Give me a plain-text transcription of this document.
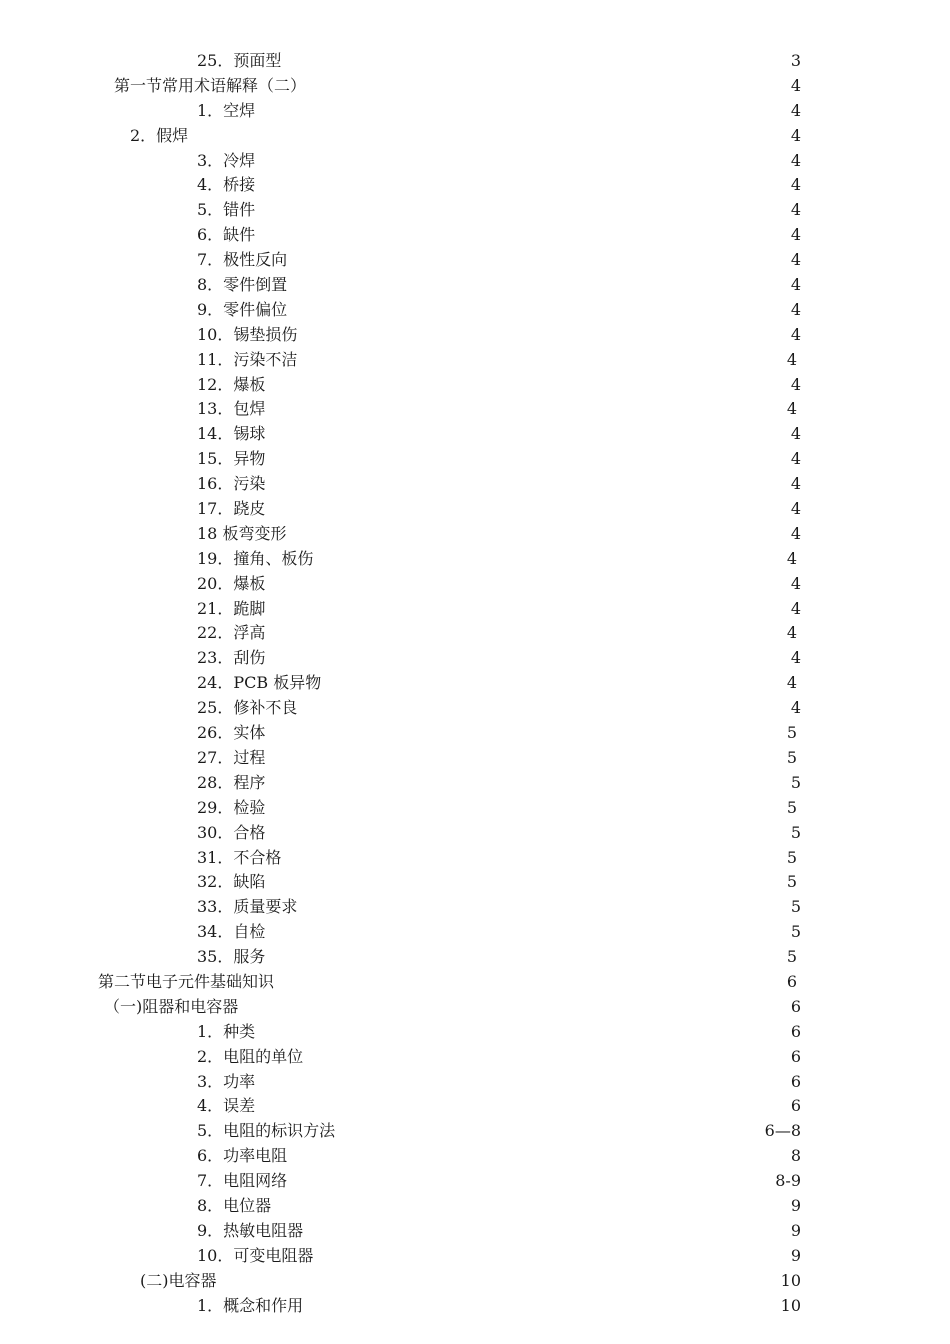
25．预面型	3
第一节常用术语解释（二）	4
1．空焊	4
2．假焊	4
3．冷焊	4
4．桥接	4
5．错件	4
6．缺件	4
7．极性反向	4
8．零件倒置	4
9．零件偏位	4
10．锡垫损伤	4
11．污染不洁	4
12．爆板	4
13．包焊	4
14．锡球	4
15．异物	4
16．污染	4
17．跷皮	4
18 板弯变形	4
19．撞角、板伤	4
20．爆板	4
21．跪脚	4
22．浮高	4
23．刮伤	4
24．PCB 板异物	4
25．修补不良	4
26．实体	5
27．过程	5
28．程序	5
29．检验	5
30．合格	5
31．不合格	5
32．缺陷	5
33．质量要求	5
34．自检	5
35．服务	5
第二节电子元件基础知识	6
（一)阻器和电容器	6
1．种类	6
2．电阻的单位	6
3．功率	6
4．误差	6
5．电阻的标识方法	6—8
6．功率电阻	8
7．电阻网络	8-9
8．电位器	9
9．热敏电阻器	9
10．可变电阻器	9
(二)电容器	10
1．概念和作用	10
